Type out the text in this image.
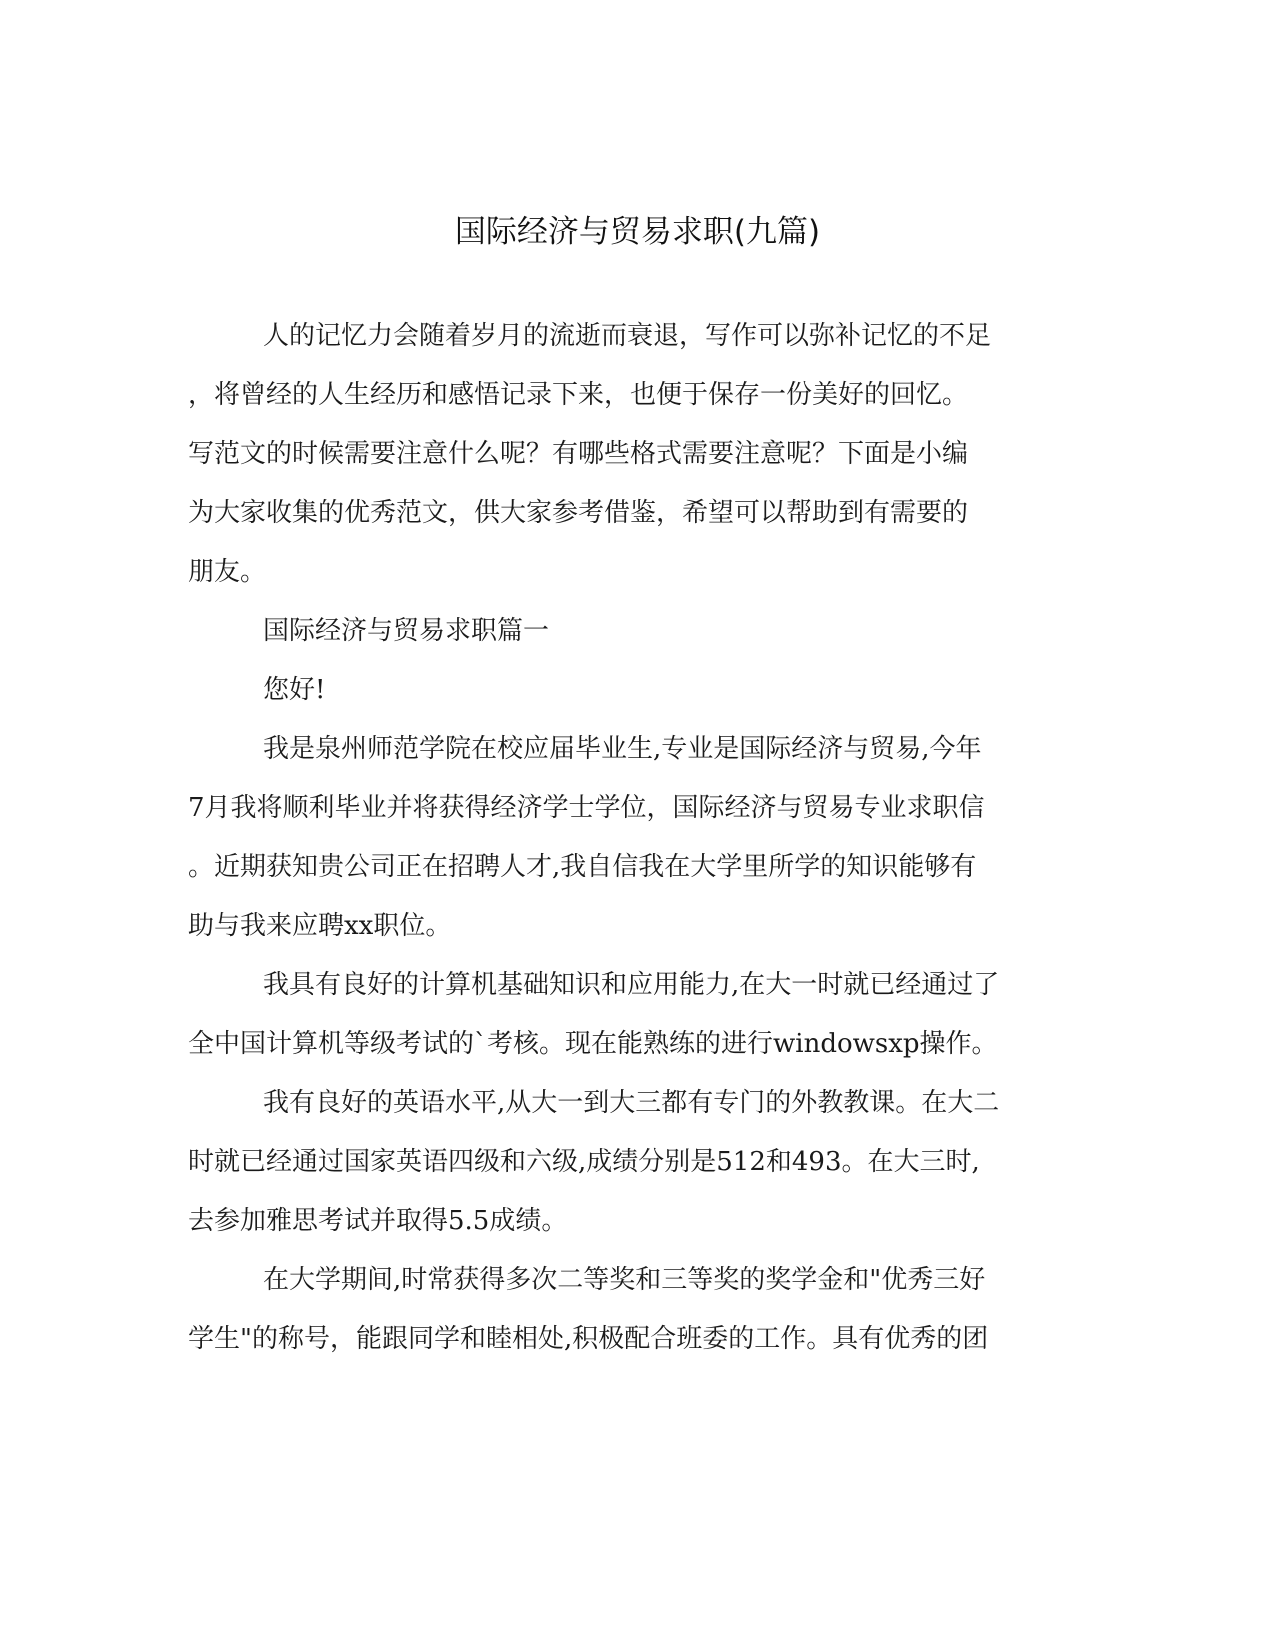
国际经济与贸易求职(九篇)
人的记忆力会随着岁月的流逝而衰退，写作可以弥补记忆的不足
，将曾经的人生经历和感悟记录下来，也便于保存一份美好的回忆。
写范文的时候需要注意什么呢？有哪些格式需要注意呢？下面是小编
为大家收集的优秀范文，供大家参考借鉴，希望可以帮助到有需要的
朋友。
国际经济与贸易求职篇一
您好!
我是泉州师范学院在校应届毕业生,专业是国际经济与贸易,今年
7月我将顺利毕业并将获得经济学士学位，国际经济与贸易专业求职信
。近期获知贵公司正在招聘人才,我自信我在大学里所学的知识能够有
助与我来应聘xx职位。
我具有良好的计算机基础知识和应用能力,在大一时就已经通过了
全中国计算机等级考试的`考核。现在能熟练的进行windowsxp操作。
我有良好的英语水平,从大一到大三都有专门的外教教课。在大二
时就已经通过国家英语四级和六级,成绩分别是512和493。在大三时,
去参加雅思考试并取得5.5成绩。
在大学期间,时常获得多次二等奖和三等奖的奖学金和"优秀三好
学生"的称号，能跟同学和睦相处,积极配合班委的工作。具有优秀的团
